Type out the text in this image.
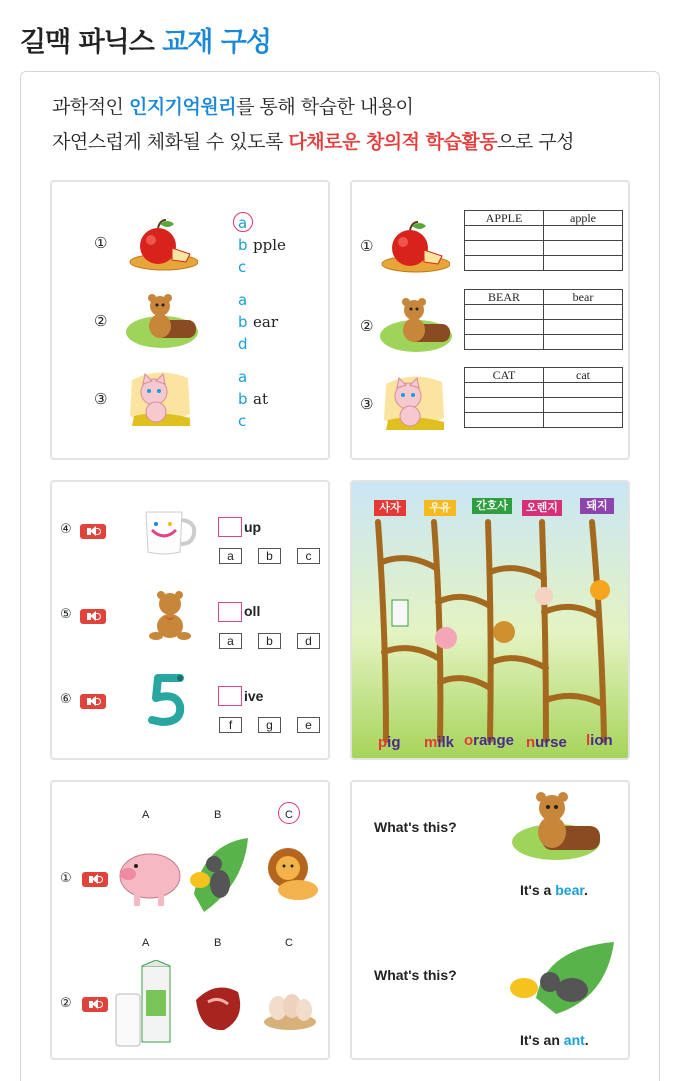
길맥 파닉스 교재 구성
과학적인 인지기억원리를 통해 학습한 내용이
자연스럽게 체화될 수 있도록 다채로운 창의적 학습활동으로 구성
①
a
b
c
pple
②
a
b
d
ear
③
a
b
c
at
①
APPLE	apple

②
BEAR	bear

③
CAT	cat

④	up
a	b	c
⑤	oll
a	b	d
⑥	ive
f	g	e
사자	우유	간호사	오렌지	돼지
pig milk orange nurse lion
A	B	C
①
A	B	C
②
What's this?
It's a bear.
What's this?
It's an ant.
